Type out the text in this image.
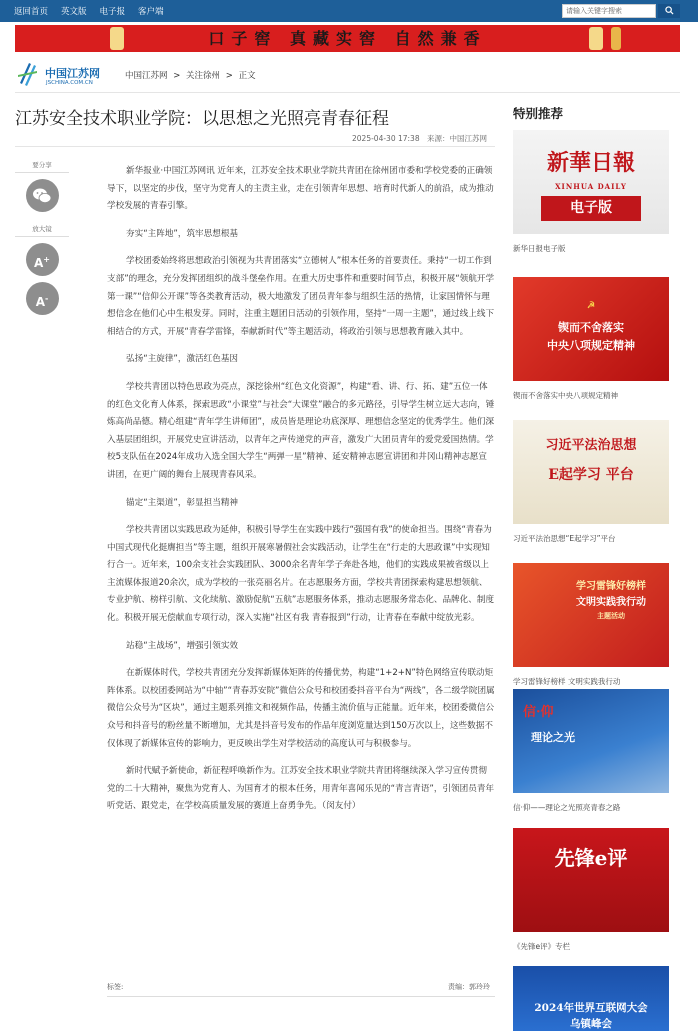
返回首页 英文版 电子报 客户端	请输入关键字搜索
口子窖 真藏实窖 自然兼香
中国江苏网
JSCHINA.COM.CN
中国江苏网 > 关注徐州 > 正文
江苏安全技术职业学院：以思想之光照亮青春征程
2025-04-30 17:38 来源：中国江苏网
要分享
放大镜
A+
A-

新华报业·中国江苏网讯 近年来，江苏安全技术职业学院共青团在徐州团市委和学校党委的正确领导下，以坚定的步伐，坚守为党育人的主责主业，走在引领青年思想、培育时代新人的前沿，成为推动学校发展的青春引擎。

夯实“主阵地”，筑牢思想根基

学校团委始终将思想政治引领视为共青团落实“立德树人”根本任务的首要责任。秉持“一切工作到支部”的理念，充分发挥团组织的战斗堡垒作用。在重大历史事件和重要时间节点，积极开展“领航开学第一课”“信仰公开课”等各类教育活动，极大地激发了团员青年参与组织生活的热情，让家国情怀与理想信念在他们心中生根发芽。同时，注重主题团日活动的引领作用，坚持“一周一主题”，通过线上线下相结合的方式，开展“青春学雷锋，奉献新时代”等主题活动，将政治引领与思想教育融入其中。

弘扬“主旋律”，激活红色基因

学校共青团以特色思政为亮点，深挖徐州“红色文化资源”，构建“看、讲、行、拓、建”五位一体的红色文化育人体系，探索思政“小课堂”与社会“大课堂”融合的多元路径，引导学生树立远大志向，锤炼高尚品德。精心组建“青年学生讲师团”，成员皆是理论功底深厚、理想信念坚定的优秀学生。他们深入基层团组织，开展党史宣讲活动，以青年之声传递党的声音，激发广大团员青年的爱党爱国热情。学校5支队伍在2024年成功入选全国大学生“两弹一星”精神、延安精神志愿宣讲团和井冈山精神志愿宣讲团，在更广阔的舞台上展现青春风采。

锚定“主渠道”，彰显担当精神

学校共青团以实践思政为延伸，积极引导学生在实践中践行“强国有我”的使命担当。围绕“青春为中国式现代化挺膺担当”等主题，组织开展寒暑假社会实践活动，让学生在“行走的大思政课”中实现知行合一。近年来，100余支社会实践团队、3000余名青年学子奔赴各地，他们的实践成果被省级以上主流媒体报道20余次，成为学校的一张亮丽名片。在志愿服务方面，学校共青团探索构建思想领航、专业护航、榜样引航、文化续航、激励促航“五航”志愿服务体系，推动志愿服务常态化、品牌化、制度化。积极开展无偿献血专项行动，深入实施“社区有我 青春报到”行动，让青春在奉献中绽放光彩。

站稳“主战场”，增强引领实效

在新媒体时代，学校共青团充分发挥新媒体矩阵的传播优势，构建“1+2+N”特色网络宣传联动矩阵体系。以校团委网站为“中轴”“青春苏安院”微信公众号和校团委抖音平台为“两线”，各二级学院团属微信公众号为“区块”，通过主题系列推文和视频作品，传播主流价值与正能量。近年来，校团委微信公众号和抖音号的粉丝量不断增加，尤其是抖音号发布的作品年度浏览量达到150万次以上，这些数据不仅体现了新媒体宣传的影响力，更反映出学生对学校活动的高度认可与积极参与。

新时代赋予新使命，新征程呼唤新作为。江苏安全技术职业学院共青团将继续深入学习宣传贯彻党的二十大精神，聚焦为党育人、为国育才的根本任务，用青年喜闻乐见的“青言青语”，引领团员青年听党话、跟党走，在学校高质量发展的赛道上奋勇争先。（闵友付）

标签:	责编：郭玲玲
特别推荐
新華日報
XINHUA DAILY
电子版
新华日报电子版
☭
锲而不舍落实
中央八项规定精神
锲而不舍落实中央八项规定精神
习近平法治思想
E起学习 平台
习近平法治思想“E起学习”平台
学习雷锋好榜样
文明实践我行动
主题活动
学习雷锋好榜样 文明实践我行动
信·仰
理论之光
信·仰——理论之光照亮青春之路
先锋e评
《先锋e评》专栏
2024年世界互联网大会
乌镇峰会
